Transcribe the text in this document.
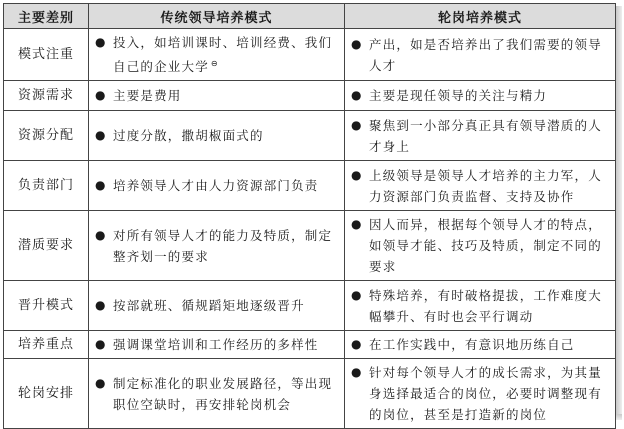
主要差别	传统领导培养模式	轮岗培养模式
模式注重	● 投入，如培训课时、培训经费、我们自己的企业大学 ⊖	● 产出，如是否培养出了我们需要的领导人才

资源需求	● 主要是费用	● 主要是现任领导的关注与精力

资源分配	● 过度分散，撒胡椒面式的	● 聚焦到一小部分真正具有领导潜质的人才身上

负责部门	● 培养领导人才由人力资源部门负责	● 上级领导是领导人才培养的主力军，人力资源部门负责监督、支持及协作

潜质要求	● 对所有领导人才的能力及特质，制定整齐划一的要求	● 因人而异，根据每个领导人才的特点，如领导才能、技巧及特质，制定不同的要求

晋升模式	● 按部就班、循规蹈矩地逐级晋升	● 特殊培养，有时破格提拔，工作难度大幅攀升、有时也会平行调动

培养重点	● 强调课堂培训和工作经历的多样性	● 在工作实践中，有意识地历练自己

轮岗安排	● 制定标准化的职业发展路径，等出现职位空缺时，再安排轮岗机会	● 针对每个领导人才的成长需求，为其量身选择最适合的岗位，必要时调整现有的岗位，甚至是打造新的岗位
